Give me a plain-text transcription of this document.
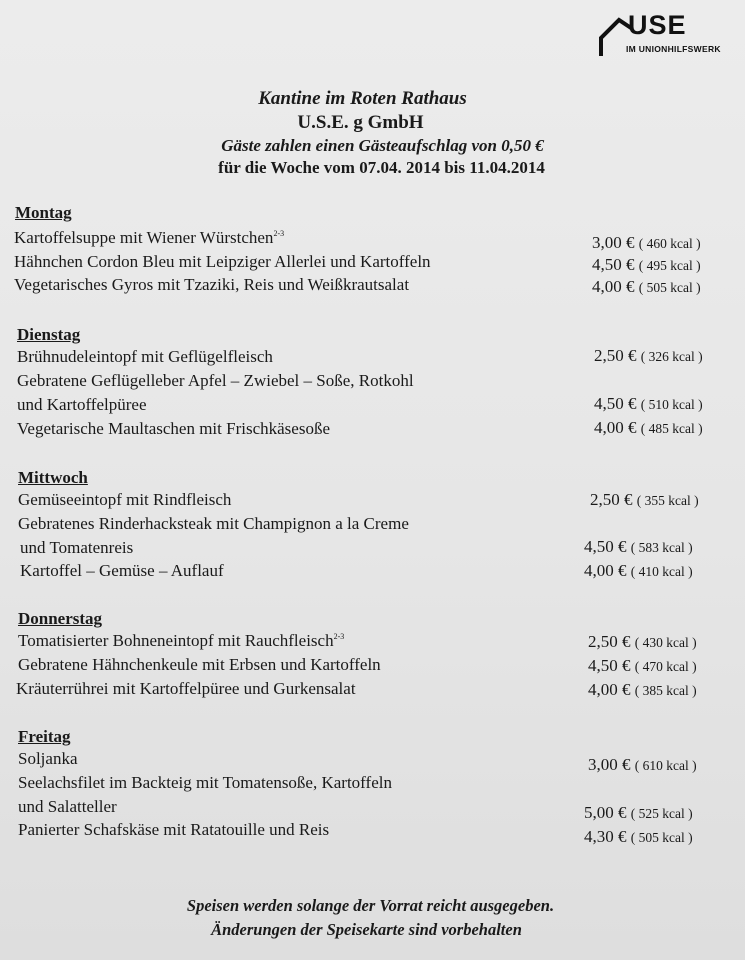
USE
IM UNIONHILFSWERK
Kantine im Roten Rathaus
U.S.E. g GmbH
Gäste zahlen einen Gästeaufschlag von 0,50 €
für die Woche vom 07.04. 2014 bis 11.04.2014
Montag
Kartoffelsuppe mit Wiener Würstchen$^{2-3}$	3,00 € ( 460 kcal )
Hähnchen Cordon Bleu mit Leipziger Allerlei und Kartoffeln	4,50 € ( 495 kcal )
Vegetarisches Gyros mit Tzaziki, Reis und Weißkrautsalat	4,00 € ( 505 kcal )
Dienstag
Brühnudeleintopf mit Geflügelfleisch	2,50 € ( 326 kcal )
Gebratene Geflügelleber Apfel – Zwiebel – Soße, Rotkohl
und Kartoffelpüree	4,50 € ( 510 kcal )
Vegetarische Maultaschen mit Frischkäsesoße	4,00 € ( 485 kcal )
Mittwoch
Gemüseeintopf mit Rindfleisch	2,50 € ( 355 kcal )
Gebratenes Rinderhacksteak mit Champignon a la Creme
und Tomatenreis	4,50 € ( 583 kcal )
Kartoffel – Gemüse – Auflauf	4,00 € ( 410 kcal )
Donnerstag
Tomatisierter Bohneneintopf mit Rauchfleisch$^{2-3}$	2,50 € ( 430 kcal )
Gebratene Hähnchenkeule mit Erbsen und Kartoffeln	4,50 € ( 470 kcal )
Kräuterrührei mit Kartoffelpüree und Gurkensalat	4,00 € ( 385 kcal )
Freitag
Soljanka	3,00 € ( 610 kcal )
Seelachsfilet im Backteig mit Tomatensoße, Kartoffeln
und Salatteller	5,00 € ( 525 kcal )
Panierter Schafskäse mit Ratatouille und Reis	4,30 € ( 505 kcal )
Speisen werden solange der Vorrat reicht ausgegeben.
Änderungen der Speisekarte sind vorbehalten
